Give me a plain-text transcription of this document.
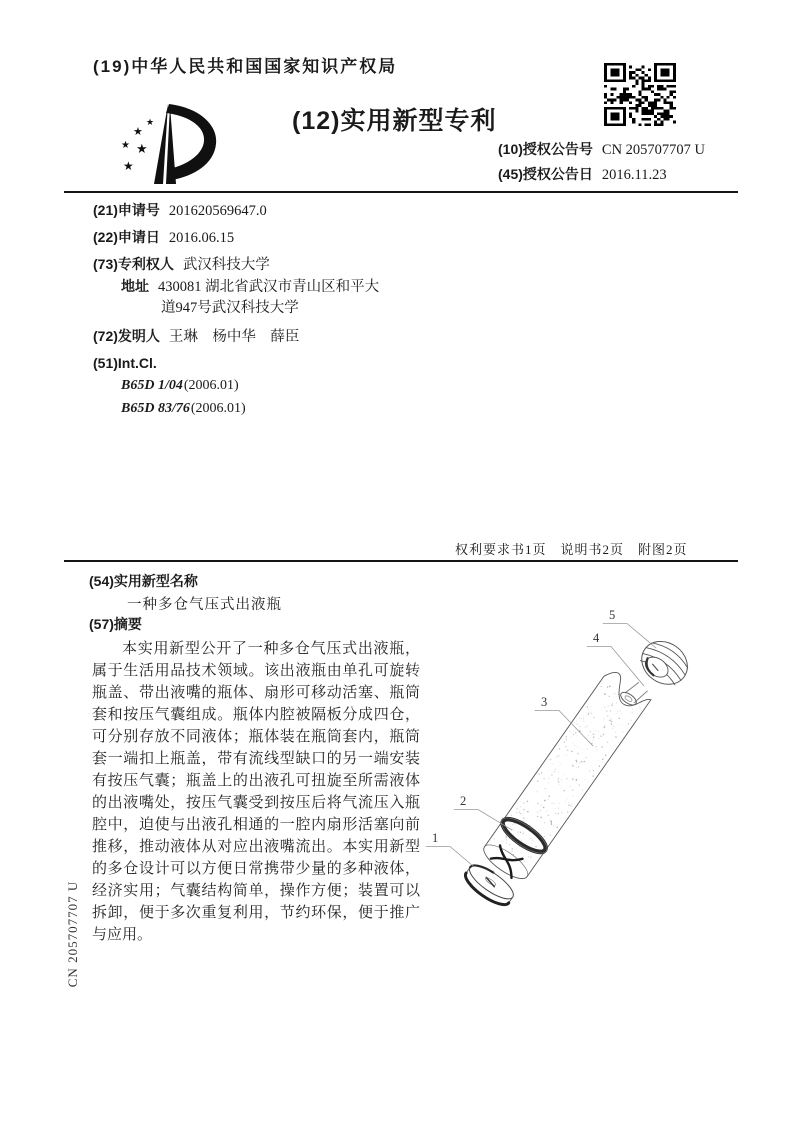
(19)中华人民共和国国家知识产权局
★
★
★ ★
★
(12)实用新型专利
(10)授权公告号 CN 205707707 U
(45)授权公告日 2016.11.23
(21)申请号 201620569647.0
(22)申请日 2016.06.15
(73)专利权人 武汉科技大学
地址 430081 湖北省武汉市青山区和平大
道947号武汉科技大学
(72)发明人 王琳　杨中华　薛臣
(51)Int.Cl.
B65D 1/04(2006.01)
B65D 83/76(2006.01)
权利要求书1页　说明书2页　附图2页
(54)实用新型名称
一种多仓气压式出液瓶
(57)摘要
本实用新型公开了一种多仓气压式出液瓶，属于生活用品技术领域。该出液瓶由单孔可旋转瓶盖、带出液嘴的瓶体、扇形可移动活塞、瓶筒套和按压气囊组成。瓶体内腔被隔板分成四仓，可分别存放不同液体；瓶体装在瓶筒套内，瓶筒套一端扣上瓶盖，带有流线型缺口的另一端安装有按压气囊；瓶盖上的出液孔可扭旋至所需液体的出液嘴处，按压气囊受到按压后将气流压入瓶腔中，迫使与出液孔相通的一腔内扇形活塞向前推移，推动液体从对应出液嘴流出。本实用新型的多仓设计可以方便日常携带少量的多种液体，经济实用；气囊结构简单，操作方便；装置可以拆卸，便于多次重复利用，节约环保，便于推广与应用。
CN 205707707 U
5
4
3
2
1
